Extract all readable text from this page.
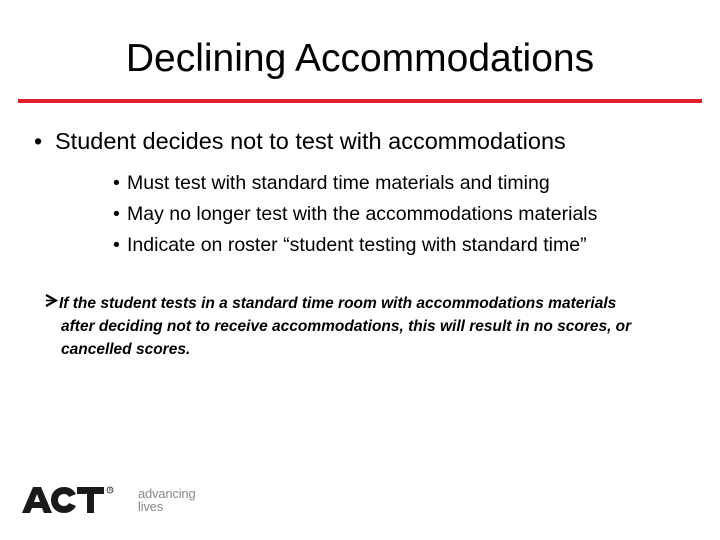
Declining Accommodations
• Student decides not to test with accommodations
• Must test with standard time materials and timing
• May no longer test with the accommodations materials
• Indicate on roster “student testing with standard time”
If the student tests in a standard time room with accommodations materials
after deciding not to receive accommodations, this will result in no scores, or
cancelled scores.
R advancing
lives
